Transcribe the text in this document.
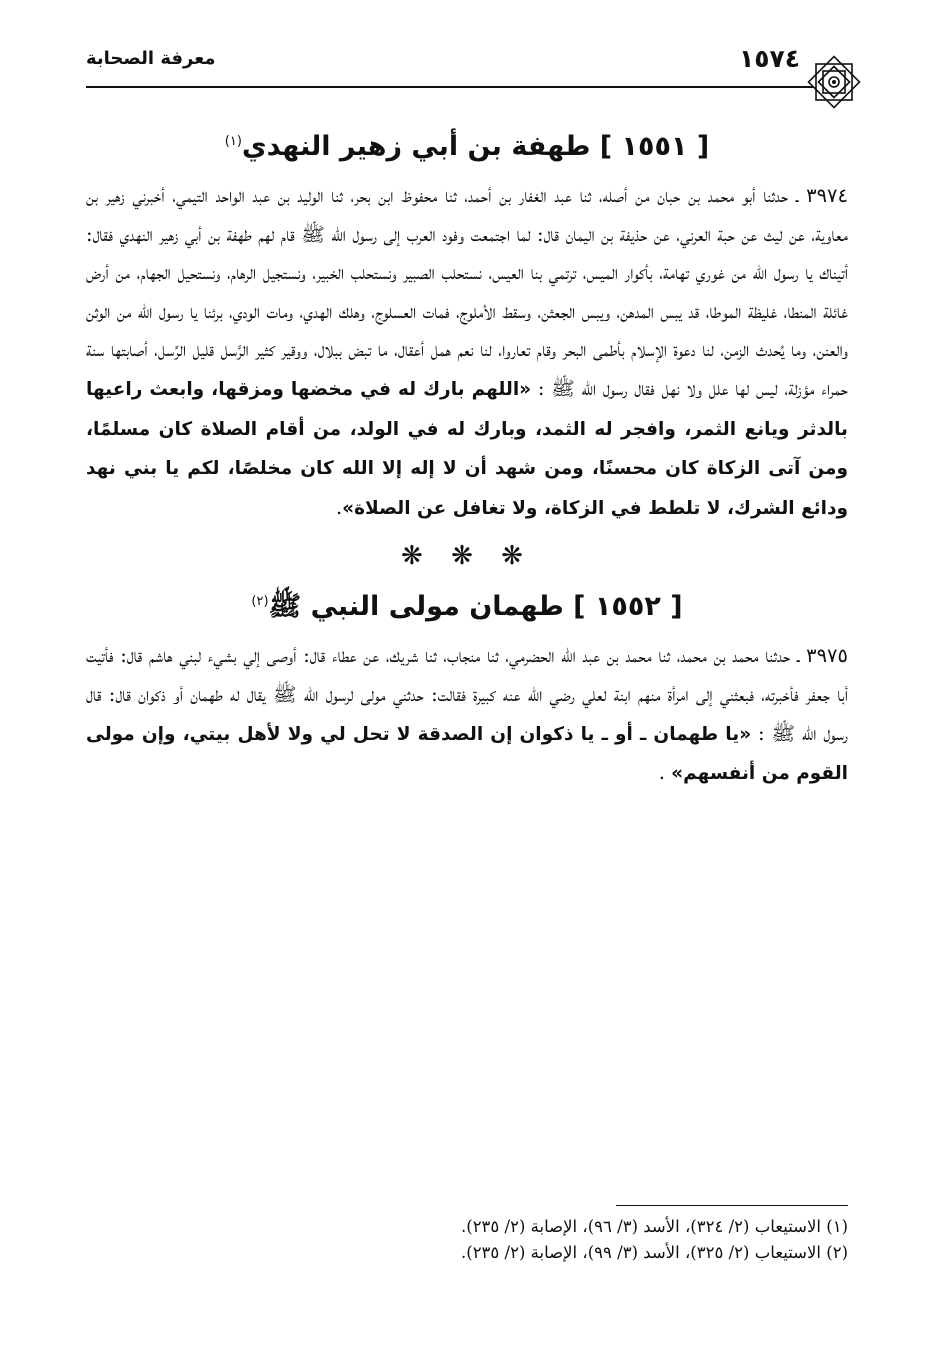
معرفة الصحابة	١٥٧٤
[ ١٥٥١ ] طهفة بن أبي زهير النهدي$^{(١)}$

٣٩٧٤ ـ حدثنا أبو محمد بن حبان من أصله، ثنا عبد الغفار بن أحمد، ثنا محفوظ ابن بحر، ثنا الوليد بن عبد الواحد التيمي، أخبرني زهير بن معاوية، عن ليث عن حبة العرني، عن حذيفة بن اليمان قال: لما اجتمعت وفود العرب إلى رسول الله ﷺ قام لهم طهفة بن أبي زهير النهدي فقال: أتيناك يا رسول الله من غوري تهامة، بأكوار الميس، ترتمي بنا العيس، نستحلب الصبير ونستحلب الخبير، ونستجيل الرهام، ونستحيل الجهام، من أرض غائلة المنطا، غليظة الموطا، قد يبس المدهن، ويبس الجعثن، وسقط الأملوج، فمات العسلوج، وهلك الهدي، ومات الودي، برئنا يا رسول الله من الوثن والعنن، وما يُحدث الزمن، لنا دعوة الإسلام بأطمى البحر وقام تعاروا، لنا نعم همل أعقال، ما تبض ببلال، ووقير كثير الرَّسل قليل الرِّسل، أصابتها سنة حمراء مؤزلة، ليس لها علل ولا نهل فقال رسول الله ﷺ : «اللهم بارك له في مخضها ومزقها، وابعث راعيها بالدثر ويانع الثمر، وافجر له الثمد، وبارك له في الولد، من أقام الصلاة كان مسلمًا، ومن آتى الزكاة كان محسنًا، ومن شهد أن لا إله إلا الله كان مخلصًا، لكم يا بني نهد ودائع الشرك، لا تلطط في الزكاة، ولا تغافل عن الصلاة».

❋ ❋ ❋
[ ١٥٥٢ ] طهمان مولى النبي ﷺ$^{(٢)}$

٣٩٧٥ ـ حدثنا محمد بن محمد، ثنا محمد بن عبد الله الحضرمي، ثنا منجاب، ثنا شريك، عن عطاء قال: أوصى إلي بشيء لبني هاشم قال: فأتيت أبا جعفر فأخبرته، فبعثني إلى امرأة منهم ابنة لعلي رضي الله عنه كبيرة فقالت: حدثني مولى لرسول الله ﷺ يقال له طهمان أو ذكوان قال: قال رسول الله ﷺ : «يا طهمان ـ أو ـ يا ذكوان إن الصدقة لا تحل لي ولا لأهل بيتي، وإن مولى القوم من أنفسهم» .

(١) الاستيعاب (٢/ ٣٢٤)، الأسد (٣/ ٩٦)، الإصابة (٢/ ٢٣٥).

(٢) الاستيعاب (٢/ ٣٢٥)، الأسد (٣/ ٩٩)، الإصابة (٢/ ٢٣٥).
